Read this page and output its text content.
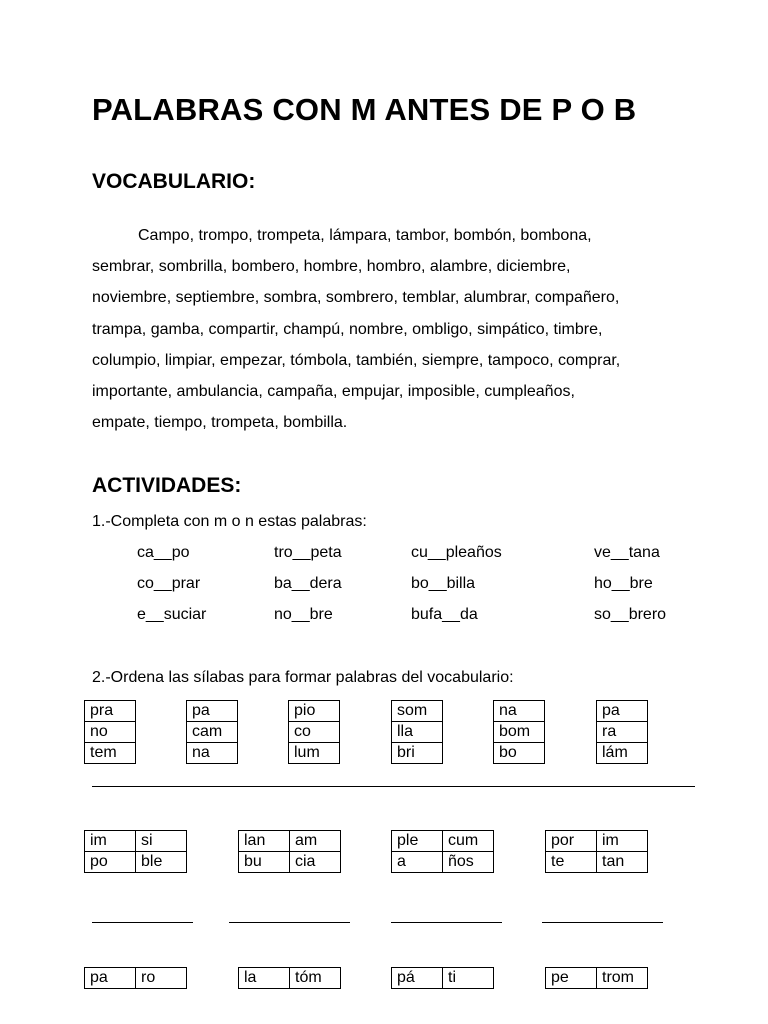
PALABRAS CON M ANTES DE P O B
VOCABULARIO:
Campo, trompo, trompeta, lámpara, tambor, bombón, bombona,
sembrar, sombrilla, bombero, hombre, hombro, alambre, diciembre,
noviembre, septiembre, sombra, sombrero, temblar, alumbrar, compañero,
trampa, gamba, compartir, champú, nombre, ombligo, simpático, timbre,
columpio, limpiar, empezar, tómbola, también, siempre, tampoco, comprar,
importante, ambulancia, campaña, empujar, imposible, cumpleaños,
empate, tiempo, trompeta, bombilla.
ACTIVIDADES:
1.-Completa con m o n estas palabras:
ca__po	tro__peta	cu__pleaños	ve__tana
co__prar	ba__dera	bo__billa	ho__bre
e__suciar	no__bre	bufa__da	so__brero
2.-Ordena las sílabas para formar palabras del vocabulario:
pra
no
tem
pa
cam
na
pio
co
lum
som
lla
bri
na
bom
bo
pa
ra
lám
im	si
po	ble
lan	am
bu	cia
ple	cum
a	ños
por	im
te	tan
pa	ro	la	tóm	pá	ti	pe	trom
